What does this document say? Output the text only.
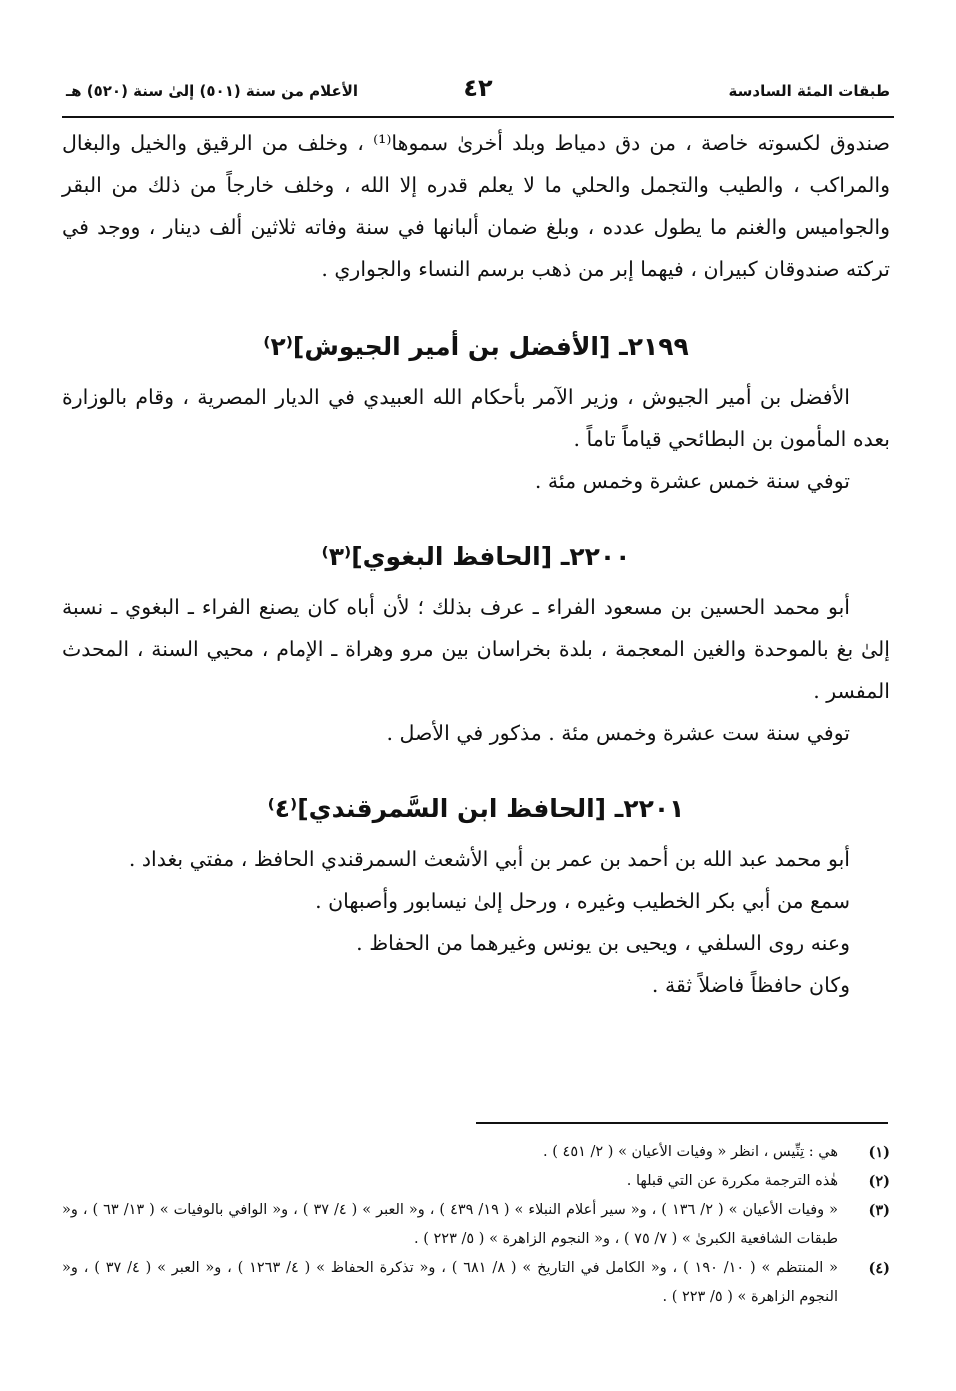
طبقات المئة السادسة
٤٢
الأعلام من سنة (٥٠١) إلىٰ سنة (٥٢٠) هـ

صندوق لكسوته خاصة ، من دق دمياط وبلد أخرىٰ سموها⁽¹⁾ ، وخلف من الرقيق والخيل والبغال والمراكب ، والطيب والتجمل والحلي ما لا يعلم قدره إلا الله ، وخلف خارجاً من ذلك من البقر والجواميس والغنم ما يطول عدده ، وبلغ ضمان ألبانها في سنة وفاته ثلاثين ألف دينار ، ووجد في تركته صندوقان كبيران ، فيهما إبر من ذهب برسم النساء والجواري .

٢١٩٩ـ [الأفضل بن أمير الجيوش]⁽٢⁾

الأفضل بن أمير الجيوش ، وزير الآمر بأحكام الله العبيدي في الديار المصرية ، وقام بالوزارة بعده المأمون بن البطائحي قياماً تاماً .

توفي سنة خمس عشرة وخمس مئة .

٢٢٠٠ـ [الحافظ البغوي]⁽٣⁾

أبو محمد الحسين بن مسعود الفراء ـ عرف بذلك ؛ لأن أباه كان يصنع الفراء ـ البغوي ـ نسبة إلىٰ بغ بالموحدة والغين المعجمة ، بلدة بخراسان بين مرو وهراة ـ الإمام ، محيي السنة ، المحدث المفسر .

توفي سنة ست عشرة وخمس مئة . مذكور في الأصل .

٢٢٠١ـ [الحافظ ابن السَّمرقندي]⁽٤⁾

أبو محمد عبد الله بن أحمد بن عمر بن أبي الأشعث السمرقندي الحافظ ، مفتي بغداد .

سمع من أبي بكر الخطيب وغيره ، ورحل إلىٰ نيسابور وأصبهان .

وعنه روى السلفي ، ويحيى بن يونس وغيرهما من الحفاظ .

وكان حافظاً فاضلاً ثقة .

(١)
هي : تِنِّيس ، انظر « وفيات الأعيان » ( ٢/ ٤٥١ ) .
(٢)
هٰذه الترجمة مكررة عن التي قبلها .
(٣)
« وفيات الأعيان » ( ٢/ ١٣٦ ) ، و« سير أعلام النبلاء » ( ١٩/ ٤٣٩ ) ، و« العبر » ( ٤/ ٣٧ ) ، و« الوافي بالوفيات » ( ١٣/ ٦٣ ) ، و« طبقات الشافعية الكبرىٰ » ( ٧/ ٧٥ ) ، و« النجوم الزاهرة » ( ٥/ ٢٢٣ ) .
(٤)
« المنتظم » ( ١٠/ ١٩٠ ) ، و« الكامل في التاريخ » ( ٨/ ٦٨١ ) ، و« تذكرة الحفاظ » ( ٤/ ١٢٦٣ ) ، و« العبر » ( ٤/ ٣٧ ) ، و« النجوم الزاهرة » ( ٥/ ٢٢٣ ) .
